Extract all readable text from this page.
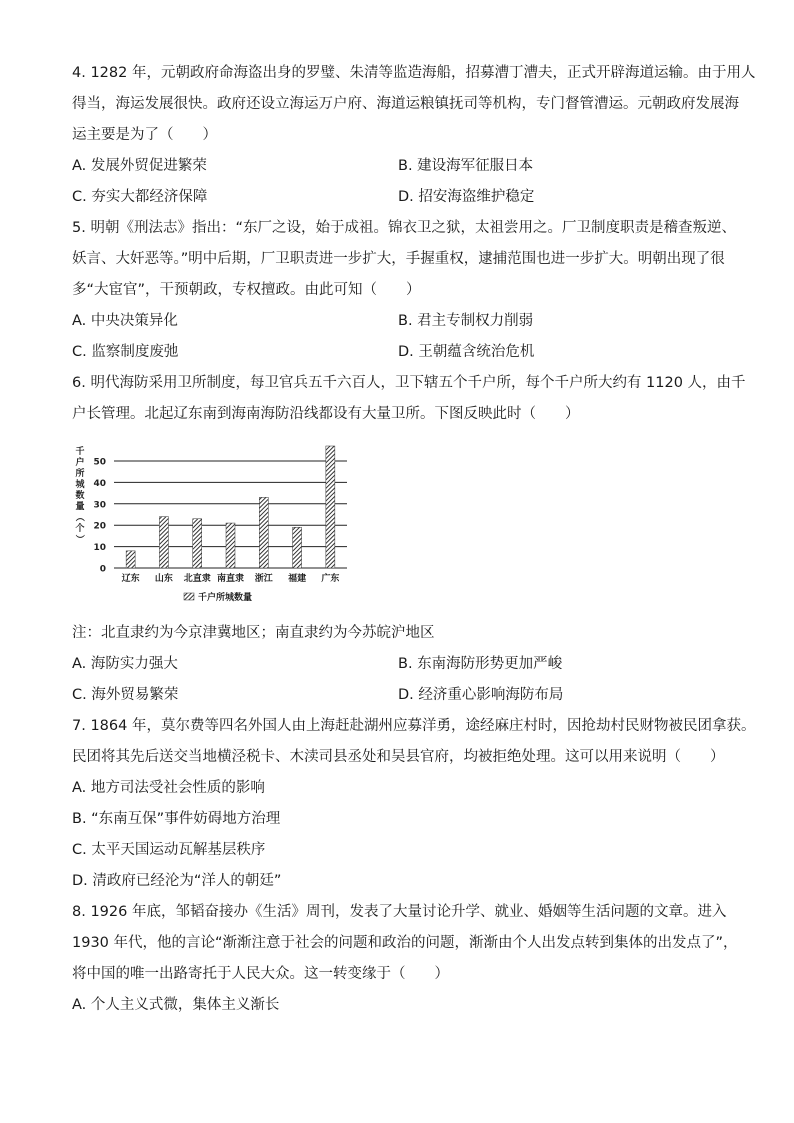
4. 1282 年，元朝政府命海盗出身的罗璧、朱清等监造海船，招募漕丁漕夫，正式开辟海道运输。由于用人
得当，海运发展很快。政府还设立海运万户府、海道运粮镇抚司等机构，专门督管漕运。元朝政府发展海
运主要是为了（　　）
A. 发展外贸促进繁荣	B. 建设海军征服日本
C. 夯实大都经济保障	D. 招安海盗维护稳定
5. 明朝《刑法志》指出：“东厂之设，始于成祖。锦衣卫之狱，太祖尝用之。厂卫制度职责是稽查叛逆、
妖言、大奸恶等。”明中后期，厂卫职责进一步扩大，手握重权，逮捕范围也进一步扩大。明朝出现了很
多“大宦官”，干预朝政，专权擅政。由此可知（　　）
A. 中央决策异化	B. 君主专制权力削弱
C. 监察制度废弛	D. 王朝蕴含统治危机
6. 明代海防采用卫所制度，每卫官兵五千六百人，卫下辖五个千户所，每个千户所大约有 1120 人，由千
户长管理。北起辽东南到海南海防沿线都设有大量卫所。下图反映此时（　　）
0
10
20
30
40
50
辽东 山东 北直隶 南直隶 浙江 福建 广东
千
户
所
城
数
量
（
个
）
千户所城数量
注：北直隶约为今京津冀地区；南直隶约为今苏皖沪地区
A. 海防实力强大	B. 东南海防形势更加严峻
C. 海外贸易繁荣	D. 经济重心影响海防布局
7. 1864 年，莫尔费等四名外国人由上海赶赴湖州应募洋勇，途经麻庄村时，因抢劫村民财物被民团拿获。
民团将其先后送交当地横泾税卡、木渎司县丞处和吴县官府，均被拒绝处理。这可以用来说明（　　）
A. 地方司法受社会性质的影响
B. “东南互保”事件妨碍地方治理
C. 太平天国运动瓦解基层秩序
D. 清政府已经沦为“洋人的朝廷”
8. 1926 年底，邹韬奋接办《生活》周刊，发表了大量讨论升学、就业、婚姻等生活问题的文章。进入
1930 年代，他的言论“渐渐注意于社会的问题和政治的问题，渐渐由个人出发点转到集体的出发点了”，
将中国的唯一出路寄托于人民大众。这一转变缘于（　　）
A. 个人主义式微，集体主义渐长
